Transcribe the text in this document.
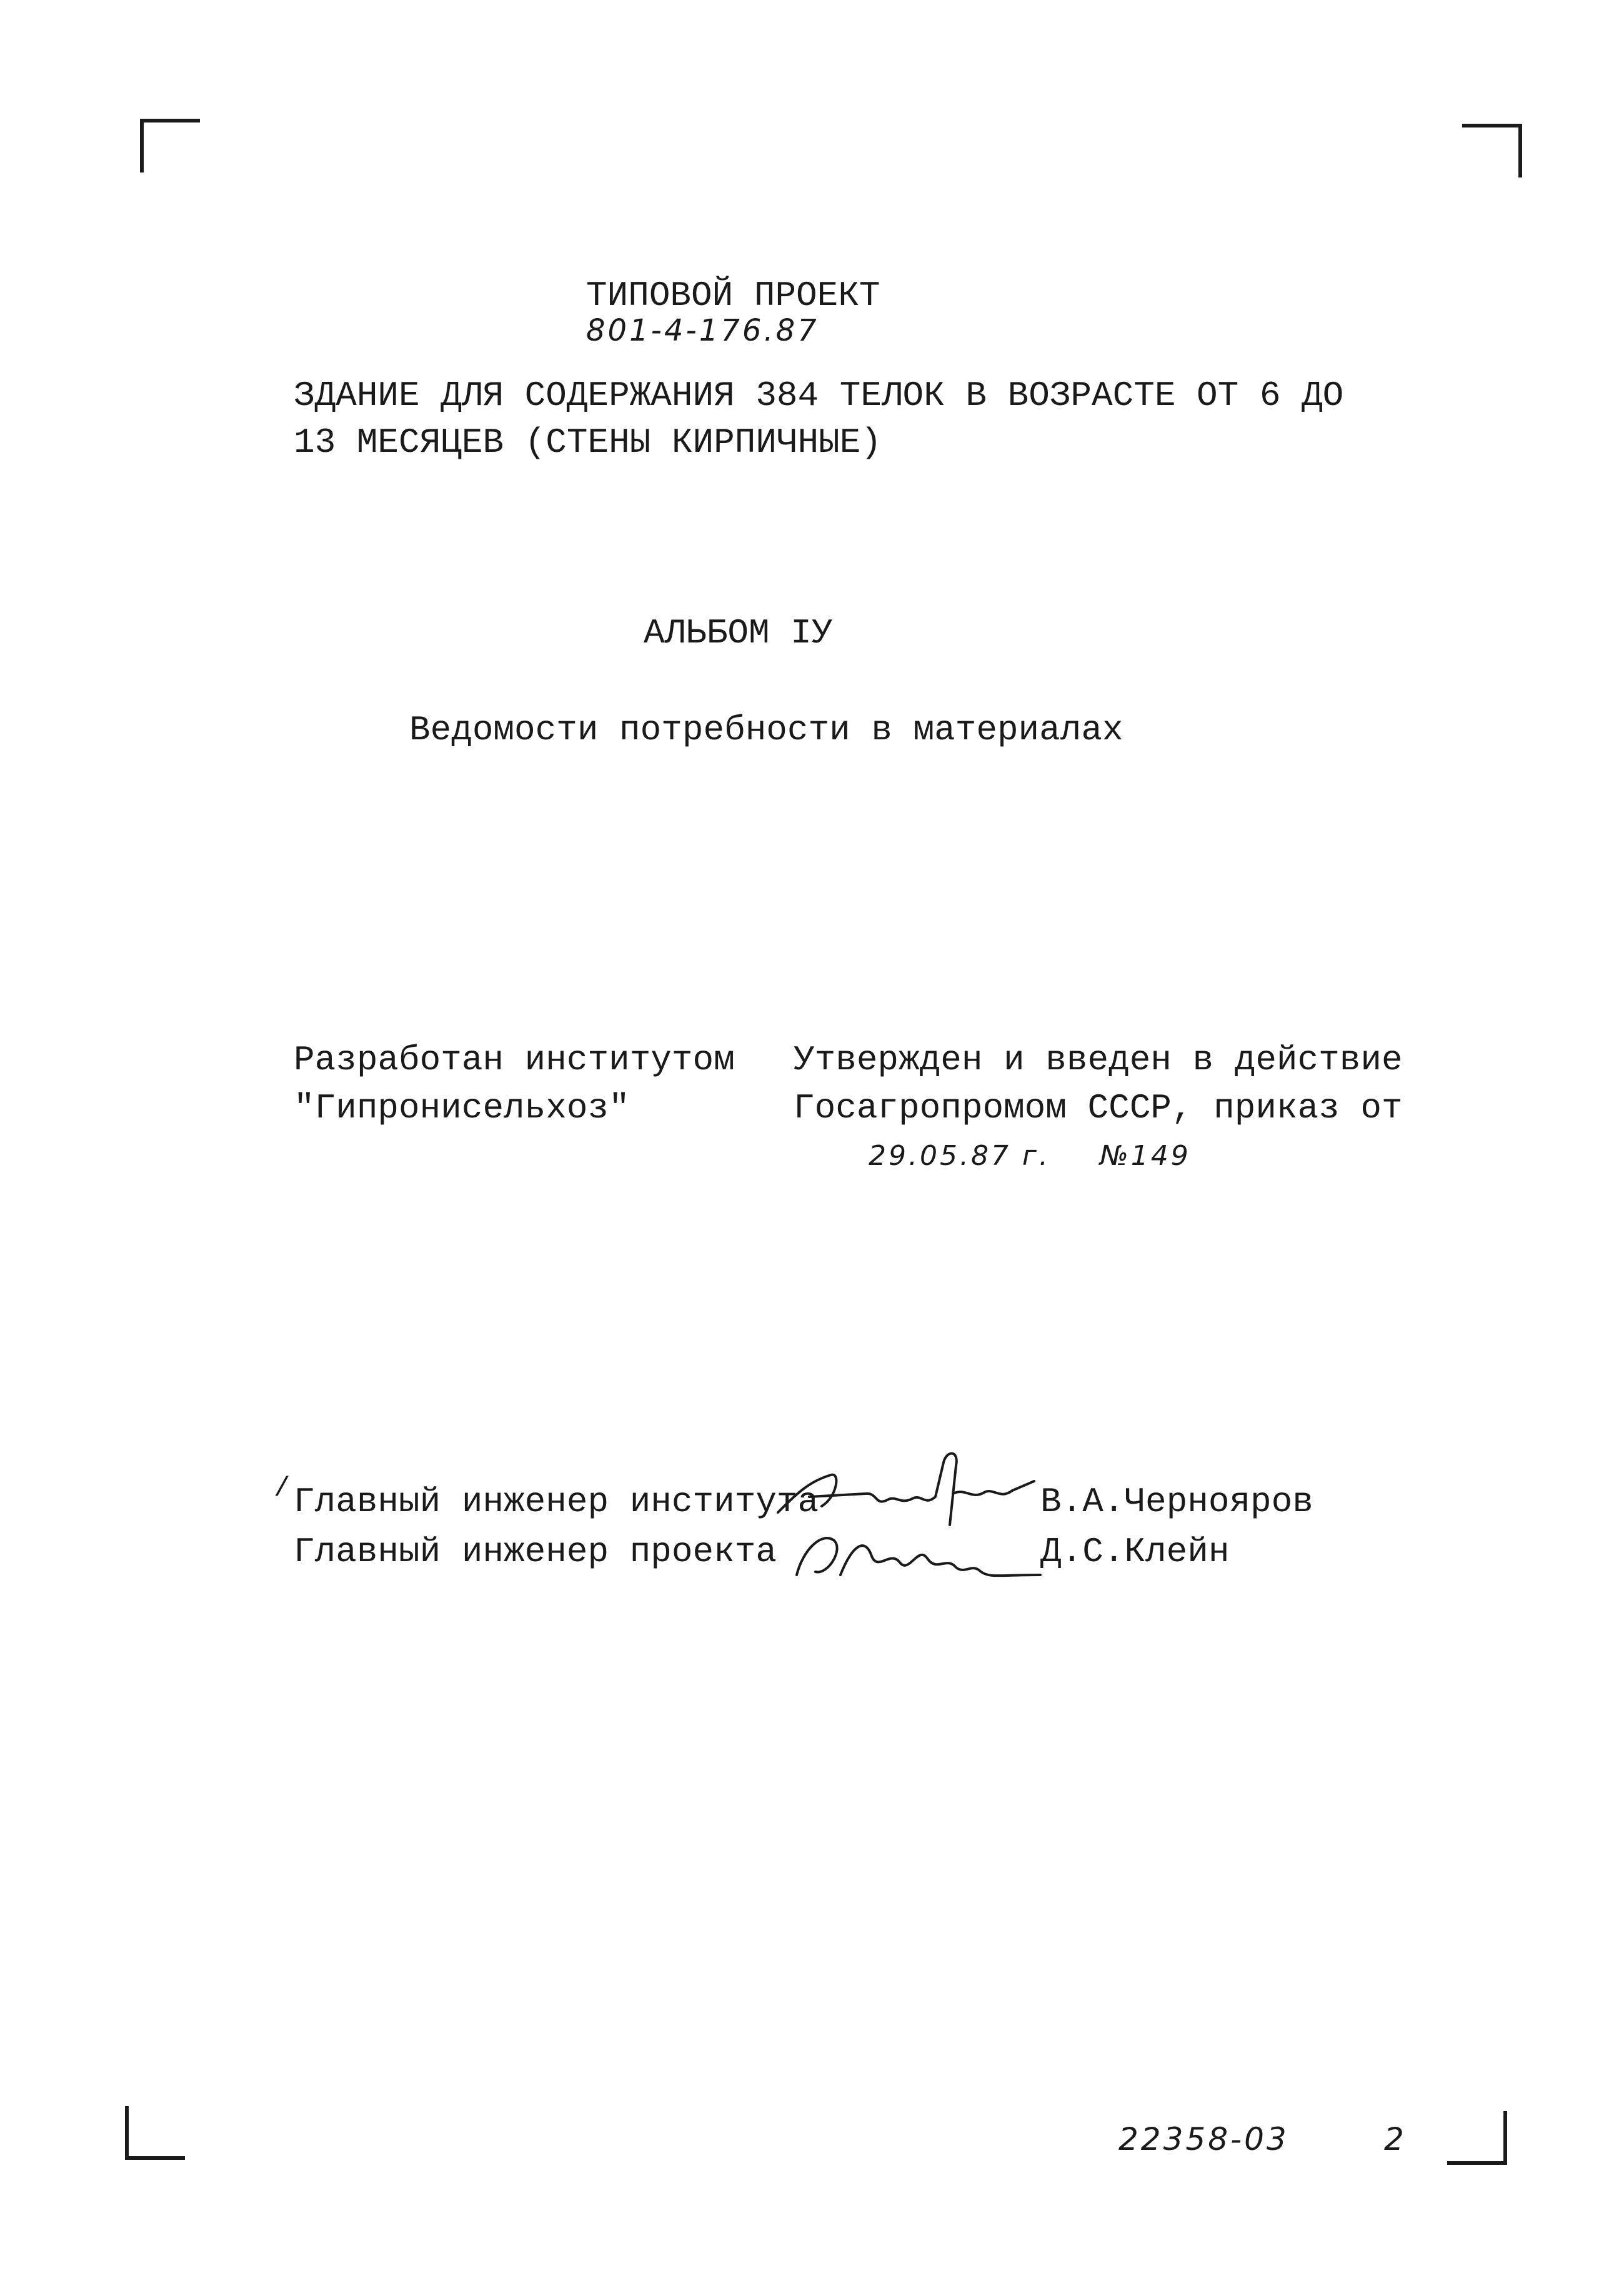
ТИПОВОЙ ПРОЕКТ
801-4-176.87
ЗДАНИЕ ДЛЯ СОДЕРЖАНИЯ 384 ТЕЛОК В ВОЗРАСТЕ ОТ 6 ДО
13 МЕСЯЦЕВ (СТЕНЫ КИРПИЧНЫЕ)
АЛЬБОМ IУ
Ведомости потребности в материалах
Разработан институтом
"Гипронисельхоз"
Утвержден и введен в действие
Госагропромом СССР, приказ от
29.05.87 г. №149
/ Главный инженер института	В.А.Чернояров
Главный инженер проекта	Д.С.Клейн
22358-03	2
